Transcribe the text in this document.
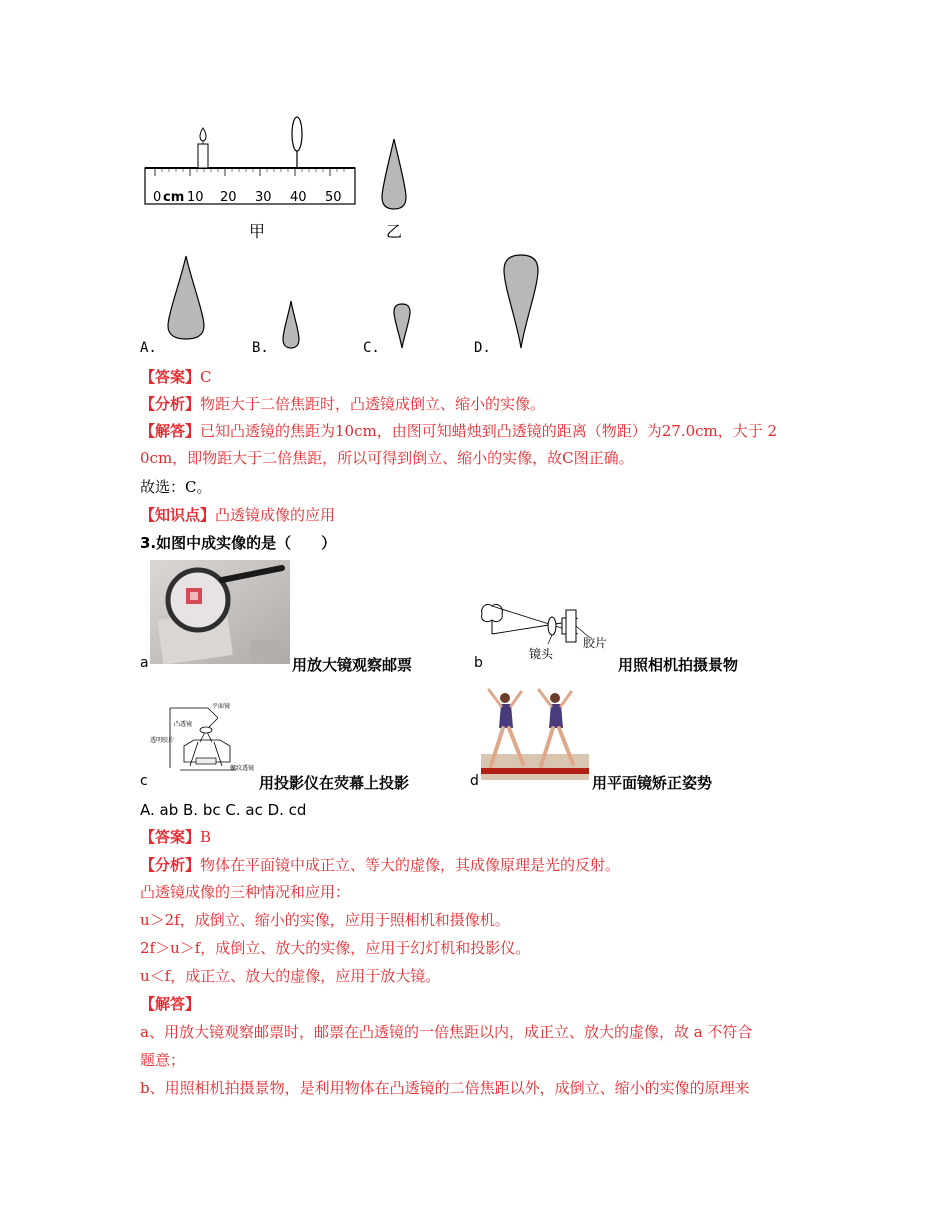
0 cm 10 20 30 40 50
甲	乙
A.	B.	C.	D.
【答案】C
【分析】物距大于二倍焦距时，凸透镜成倒立、缩小的实像。
【解答】已知凸透镜的焦距为10cm，由图可知蜡烛到凸透镜的距离（物距）为27.0cm，大于 2
0cm，即物距大于二倍焦距，所以可得到倒立、缩小的实像，故C图正确。
故选：C。
【知识点】凸透镜成像的应用
3.如图中成实像的是（　　）
a	用放大镜观察邮票
镜头
胶片
b	用照相机拍摄景物
平面镜
凸透镜
透明胶片
螺纹透镜
c	用投影仪在荧幕上投影	d	用平面镜矫正姿势
A. ab B. bc C. ac D. cd
【答案】B
【分析】物体在平面镜中成正立、等大的虚像，其成像原理是光的反射。
凸透镜成像的三种情况和应用：
u＞2f，成倒立、缩小的实像，应用于照相机和摄像机。
2f＞u＞f，成倒立、放大的实像，应用于幻灯机和投影仪。
u＜f，成正立、放大的虚像，应用于放大镜。
【解答】
a、用放大镜观察邮票时，邮票在凸透镜的一倍焦距以内，成正立、放大的虚像，故 a 不符合
题意；
b、用照相机拍摄景物，是利用物体在凸透镜的二倍焦距以外，成倒立、缩小的实像的原理来
